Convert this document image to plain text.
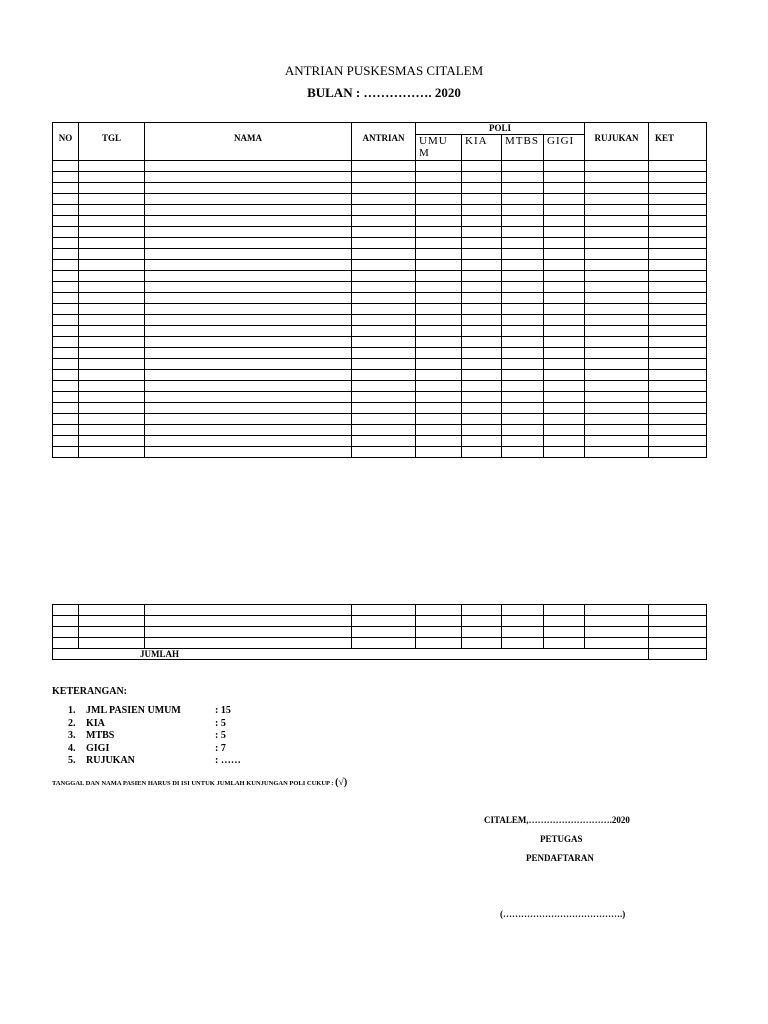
ANTRIAN PUSKESMAS CITALEM
BULAN : ……………. 2020
NO	TGL	NAMA	ANTRIAN	POLI				RUJUKAN	KET
				UMU M	KIA	MTBS	GIGI		

JUMLAH									
KETERANGAN:
1. JML PASIEN UMUM	: 15
2. KIA	: 5
3. MTBS	: 5
4. GIGI	: 7
5. RUJUKAN	: ……
TANGGAL DAN NAMA PASIEN HARUS DI ISI UNTUK JUMLAH KUNJUNGAN POLI CUKUP : (√)
CITALEM,……………………….2020
PETUGAS
PENDAFTARAN
(………………………………….)
